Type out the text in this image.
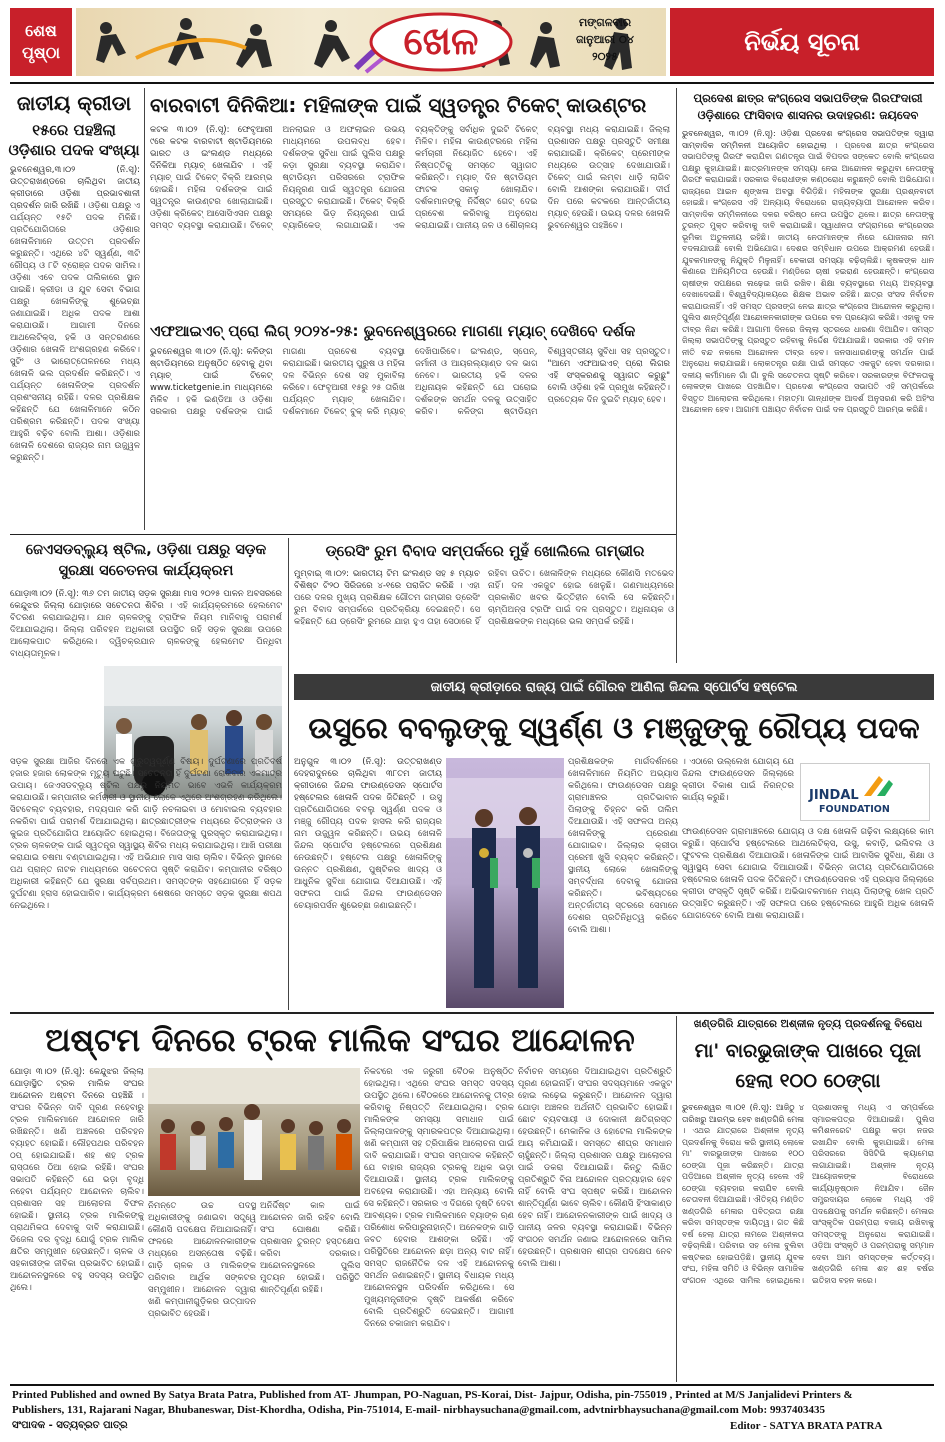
ଶେଷ
ପୃଷ୍ଠା	ଖେଳ	ମଙ୍ଗଳବାର
ଜାନୁଆରୀ ୦୪
୨୦୨୫
ନିର୍ଭୟ ସୂଚନା
ଜାତୀୟ କ୍ରୀଡା
୧୫ରେ ପହଞ୍ଚିଲା ଓଡ଼ିଶାର ପଦକ ସଂଖ୍ୟା
ଭୁବନେଶ୍ୱର,୩।୦୨ (ନି.ସୂ): ଉତ୍ତରାଖଣ୍ଡରେ ଚାଲିଥିବା ଜାତୀୟ କ୍ରୀଡାରେ ଓଡ଼ିଶା ପ୍ରଭାବଶାଳୀ ପ୍ରଦର୍ଶନ ଜାରି ରଖିଛି । ଓଡ଼ିଶା ପକ୍ଷରୁ ଏ ପର୍ଯ୍ୟନ୍ତ ୧୫ଟି ପଦକ ମିଳିଛି। ପ୍ରତିଯୋଗିତାରେ ଓଡ଼ିଶାର ଖେଳାଳିମାନେ ଉତ୍ତମ ପ୍ରଦର୍ଶନ କରୁଛନ୍ତି। ଏଥିରେ ୪ଟି ସ୍ୱର୍ଣ୍ଣ, ୩ଟି ରୌପ୍ୟ ଓ ୮ଟି ବ୍ରୋଞ୍ଜ ପଦକ ସାମିଲ। ଓଡ଼ିଶା ଏବେ ପଦକ ତାଲିକାରେ ସ୍ଥାନ ପାଇଛି। କ୍ରୀଡା ଓ ଯୁବ ସେବା ବିଭାଗ ପକ୍ଷରୁ ଖେଳାଳିଙ୍କୁ ଶୁଭେଚ୍ଛା ଜଣାଯାଇଛି। ଅଧିକ ପଦକ ଆଶା କରାଯାଉଛି। ଆଗାମୀ ଦିନରେ ଆଥଲେଟିକ୍ସ, ହକି ଓ ସନ୍ତରଣରେ ଓଡ଼ିଶାର ଖେଳାଳି ଅଂଶଗ୍ରହଣ କରିବେ। ସୁଟିଂ ଓ ଭାରୋତ୍ତୋଳନରେ ମଧ୍ୟ ଖେଳାଳି ଭଲ ପ୍ରଦର୍ଶନ କରିଛନ୍ତି। ଏ ପର୍ଯ୍ୟନ୍ତ ଖେଳାଳିଙ୍କ ପ୍ରଦର୍ଶନ ପ୍ରଶଂସନୀୟ ରହିଛି। ଦଳର ପ୍ରଶିକ୍ଷକ କହିଛନ୍ତି ଯେ ଖେଳାଳିମାନେ କଠିନ ପରିଶ୍ରମ କରିଛନ୍ତି। ପଦକ ସଂଖ୍ୟା ଆହୁରି ବଢ଼ିବ ବୋଲି ଆଶା। ଓଡ଼ିଶାର ଖେଳାଳି ଦେଶରେ ରାଜ୍ୟର ନାମ ଉଜ୍ଜ୍ୱଳ କରୁଛନ୍ତି।
ବାରବାଟୀ ଦିନିକିଆ: ମହିଳାଙ୍କ ପାଇଁ ସ୍ୱତନ୍ତ୍ର ଟିକେଟ୍ କାଉଣ୍ଟର
କଟକ ୩।୦୨ (ନି.ସୂ): ଫେବୃଆରୀ ୯ରେ କଟକ ବାରବାଟୀ ଷ୍ଟାଡିୟମରେ ଭାରତ ଓ ଇଂଲଣ୍ଡ ମଧ୍ୟରେ ଦିନିକିଆ ମ୍ୟାଚ୍ ଖେଳାଯିବ । ଏହି ମ୍ୟାଚ୍ ପାଇଁ ଟିକେଟ୍ ବିକ୍ରି ଆରମ୍ଭ ହୋଇଛି। ମହିଳା ଦର୍ଶକଙ୍କ ପାଇଁ ସ୍ୱତନ୍ତ୍ର କାଉଣ୍ଟର ଖୋଲାଯାଇଛି। ଓଡ଼ିଶା କ୍ରିକେଟ୍ ଆସୋସିଏସନ ପକ୍ଷରୁ ସମସ୍ତ ବ୍ୟବସ୍ଥା କରାଯାଉଛି। ଟିକେଟ୍ ଅନଲାଇନ ଓ ଅଫଲାଇନ ଉଭୟ ମାଧ୍ୟମରେ ଉପଲବ୍ଧ ହେବ। ଦର୍ଶକଙ୍କ ସୁବିଧା ପାଇଁ ପୁଲିସ ପକ୍ଷରୁ କଡ଼ା ସୁରକ୍ଷା ବ୍ୟବସ୍ଥା କରାଯିବ। ଷ୍ଟାଡିୟମ ପରିସରରେ ଟ୍ରାଫିକ ନିୟନ୍ତ୍ରଣ ପାଇଁ ସ୍ୱତନ୍ତ୍ର ଯୋଜନା ପ୍ରସ୍ତୁତ କରାଯାଇଛି। ଟିକେଟ୍ ବିକ୍ରି ସମୟରେ ଭିଡ଼ ନିୟନ୍ତ୍ରଣ ପାଇଁ ବ୍ୟାରିକେଡ୍ ଲଗାଯାଇଛି। ଏକ ବ୍ୟକ୍ତିଙ୍କୁ ସର୍ବାଧିକ ଦୁଇଟି ଟିକେଟ୍ ମିଳିବ। ମହିଳା କାଉଣ୍ଟରରେ ମହିଳା କର୍ମଚାରୀ ନିୟୋଜିତ ହେବେ। ଏହି ନିଷ୍ପତ୍ତିକୁ ସମସ୍ତେ ସ୍ୱାଗତ କରିଛନ୍ତି। ମ୍ୟାଚ୍ ଦିନ ଷ୍ଟାଡିୟମ ଫାଟକ ସକାଳୁ ଖୋଲାଯିବ। ଦର୍ଶକମାନଙ୍କୁ ନିର୍ଦ୍ଦିଷ୍ଟ ଗେଟ୍ ଦେଇ ପ୍ରବେଶ କରିବାକୁ ଅନୁରୋଧ କରାଯାଇଛି। ପାନୀୟ ଜଳ ଓ ଶୌଚାଳୟ ବ୍ୟବସ୍ଥା ମଧ୍ୟ କରାଯାଇଛି। ଜିଲ୍ଲା ପ୍ରଶାସନ ପକ୍ଷରୁ ପ୍ରସ୍ତୁତି ସମୀକ୍ଷା କରାଯାଇଛି। କ୍ରିକେଟ୍ ପ୍ରେମୀଙ୍କ ମଧ୍ୟରେ ଉତ୍ସାହ ଦେଖାଯାଉଛି। ଟିକେଟ୍ ପାଇଁ ଲମ୍ବା ଧାଡ଼ି ଲାଗିବ ବୋଲି ଆଶଙ୍କା କରାଯାଉଛି। ଦୀର୍ଘ ଦିନ ପରେ କଟକରେ ଆନ୍ତର୍ଜାତୀୟ ମ୍ୟାଚ୍ ହେଉଛି। ଉଭୟ ଦଳର ଖେଳାଳି ଭୁବନେଶ୍ୱର ପହଞ୍ଚିବେ।
ଏଫଆଇଏଚ୍ ପ୍ରୋ ଲିଗ୍ ୨୦୨୪-୨୫: ଭୁବନେଶ୍ୱରରେ ମାଗଣା ମ୍ୟାଚ୍ ଦେଖିବେ ଦର୍ଶକ
ଭୁବନେଶ୍ୱର ୩।୦୨ (ନି.ସୂ): କଳିଙ୍ଗ ଷ୍ଟାଡିୟମରେ ଅନୁଷ୍ଠିତ ହେବାକୁ ଥିବା ମ୍ୟାଚ୍ ପାଇଁ ଟିକେଟ୍ www.ticketgenie.in ମାଧ୍ୟମରେ ମିଳିବ । ହକି ଇଣ୍ଡିଆ ଓ ଓଡ଼ିଶା ସରକାର ପକ୍ଷରୁ ଦର୍ଶକଙ୍କ ପାଇଁ ମାଗଣା ପ୍ରବେଶ ବ୍ୟବସ୍ଥା କରାଯାଇଛି। ଭାରତୀୟ ପୁରୁଷ ଓ ମହିଳା ଦଳ ବିଭିନ୍ନ ଦେଶ ସହ ମୁକାବିଲା କରିବେ। ଫେବୃଆରୀ ୧୫ରୁ ୨୫ ତାରିଖ ପର୍ଯ୍ୟନ୍ତ ମ୍ୟାଚ୍ ଖେଳାଯିବ। ଦର୍ଶକମାନେ ଟିକେଟ୍ ବୁକ୍ କରି ମ୍ୟାଚ୍ ଦେଖିପାରିବେ। ଇଂଲଣ୍ଡ, ସ୍ପେନ୍, ଜର୍ମାନୀ ଓ ଆୟରଲ୍ୟାଣ୍ଡ ଦଳ ଭାଗ ନେବେ। ଭାରତୀୟ ହକି ଦଳର ଅଧିନାୟକ କହିଛନ୍ତି ଯେ ଘରୋଇ ଦର୍ଶକଙ୍କ ସମର୍ଥନ ଦଳକୁ ଉତ୍ସାହିତ କରିବ। କଳିଙ୍ଗ ଷ୍ଟାଡିୟମ ବିଶ୍ୱସ୍ତରୀୟ ସୁବିଧା ସହ ପ୍ରସ୍ତୁତ। "ଆମେ ଏଫଆଇଏଚ୍ ପ୍ରୋ ଲିଗର ଏହି ସଂସ୍କରଣକୁ ସ୍ୱାଗତ କରୁଛୁ" ବୋଲି ଓଡ଼ିଶା ହକି ପ୍ରମୁଖ କହିଛନ୍ତି। ପ୍ରତ୍ୟେକ ଦିନ ଦୁଇଟି ମ୍ୟାଚ୍ ହେବ।
ପ୍ରଦେଶ ଛାତ୍ର କଂଗ୍ରେସ ସଭାପତିଙ୍କ ଗିରଫଦାରୀ ଓଡ଼ିଶାରେ ଫାସିବାଦ ଶାସନର ଉଦାହରଣ: ଜୟଦେବ
ଭୁବନେଶ୍ୱର, ୩।୦୨ (ନି.ସୂ): ଓଡ଼ିଶା ପ୍ରଦେଶ କଂଗ୍ରେସ ସଭାପତିଙ୍କ ଦ୍ୱାରା ସାମ୍ବାଦିକ ସମ୍ମିଳନୀ ଆୟୋଜିତ ହୋଇଥିଲା । ପ୍ରଦେଶ ଛାତ୍ର କଂଗ୍ରେସ ସଭାପତିଙ୍କୁ ଗିରଫ କରାଯିବା ଗଣତନ୍ତ୍ର ପାଇଁ ବିପଦର ସଙ୍କେତ ବୋଲି କଂଗ୍ରେସ ପକ୍ଷରୁ କୁହାଯାଇଛି। ଛାତ୍ରମାନଙ୍କ ସମସ୍ୟା ନେଇ ଆନ୍ଦୋଳନ କରୁଥିବା ନେତାଙ୍କୁ ଗିରଫ କରାଯାଇଛି। ସରକାର ବିରୋଧୀଙ୍କ କଣ୍ଠରୋଧ କରୁଛନ୍ତି ବୋଲି ଅଭିଯୋଗ। ରାଜ୍ୟରେ ଆଇନ ଶୃଙ୍ଖଳା ଅବସ୍ଥା ବିଗିଡ଼ିଛି। ମହିଳାଙ୍କ ସୁରକ୍ଷା ପ୍ରଶ୍ନବାଚୀ ହୋଇଛି। କଂଗ୍ରେସ ଏହି ଅନ୍ୟାୟ ବିରୋଧରେ ରାଜ୍ୟବ୍ୟାପୀ ଆନ୍ଦୋଳନ କରିବ। ସାମ୍ବାଦିକ ସମ୍ମିଳନୀରେ ଦଳର ବରିଷ୍ଠ ନେତା ଉପସ୍ଥିତ ଥିଲେ। ଛାତ୍ର ନେତାଙ୍କୁ ତୁରନ୍ତ ମୁକ୍ତ କରିବାକୁ ଦାବି କରାଯାଇଛି। ସ୍ୱାଧୀନତା ସଂଗ୍ରାମରେ କଂଗ୍ରେସର ଭୂମିକା ଅତୁଳନୀୟ ରହିଛି। ଜାତୀୟ ନେତାମାନଙ୍କ ନାଁରେ ଯୋଜନାର ନାମ ବଦଳାଯାଉଛି ବୋଲି ଅଭିଯୋଗ। ଦେଶର ସମ୍ବିଧାନ ଉପରେ ଆକ୍ରମଣ ହେଉଛି। ଯୁବକମାନଙ୍କୁ ନିଯୁକ୍ତି ମିଳୁନାହିଁ। ବେକାରୀ ସମସ୍ୟା ବଢ଼ିଚାଲିଛି। କୃଷକଙ୍କ ଧାନ କିଣାରେ ଅନିୟମିତତା ହେଉଛି। ମଣ୍ଡିରେ ଚାଷୀ ହଇରାଣ ହେଉଛନ୍ତି। କଂଗ୍ରେସ ଚାଷୀଙ୍କ ସପକ୍ଷରେ ଲଢ଼େଇ ଜାରି ରଖିବ। ଶିକ୍ଷା ବ୍ୟବସ୍ଥାରେ ମଧ୍ୟ ଅବ୍ୟବସ୍ଥା ଦେଖାଦେଇଛି। ବିଶ୍ୱବିଦ୍ୟାଳୟରେ ଶିକ୍ଷକ ଅଭାବ ରହିଛି। ଛାତ୍ର ସଂସଦ ନିର୍ବାଚନ କରାଯାଉନାହିଁ। ଏହି ସମସ୍ତ ପ୍ରସଙ୍ଗ ନେଇ ଛାତ୍ର କଂଗ୍ରେସ ଆନ୍ଦୋଳନ କରୁଥିଲା। ପୁଲିସ ଶାନ୍ତିପୂର୍ଣ୍ଣ ଆନ୍ଦୋଳନକାରୀଙ୍କ ଉପରେ ବଳ ପ୍ରୟୋଗ କରିଛି। ଏହାକୁ ଦଳ ତୀବ୍ର ନିନ୍ଦା କରିଛି। ଆଗାମୀ ଦିନରେ ଜିଲ୍ଲା ସ୍ତରରେ ଧାରଣା ଦିଆଯିବ। ସମସ୍ତ ଜିଲ୍ଲା ସଭାପତିଙ୍କୁ ପ୍ରସ୍ତୁତ ରହିବାକୁ ନିର୍ଦ୍ଦେଶ ଦିଆଯାଇଛି। ସରକାର ଏହି ଦମନ ନୀତି ବନ୍ଦ ନକଲେ ଆନ୍ଦୋଳନ ତୀବ୍ର ହେବ। ଜନସାଧାରଣଙ୍କୁ ସମର୍ଥନ ପାଇଁ ଅନୁରୋଧ କରାଯାଇଛି। ଲୋକତନ୍ତ୍ର ରକ୍ଷା ପାଇଁ ସମସ୍ତେ ଏକଜୁଟ ହେବା ଦରକାର। ଦଳୀୟ କର୍ମୀମାନେ ଗାଁ ଗାଁ ବୁଲି ସଚେତନତା ସୃଷ୍ଟି କରିବେ। ସରକାରଙ୍କ ବିଫଳତାକୁ ଲୋକଙ୍କ ପାଖରେ ପହଞ୍ଚାଯିବ। ପ୍ରଦେଶ କଂଗ୍ରେସ ସଭାପତି ଏହି ସମ୍ପର୍କରେ ବିସ୍ତୃତ ଆଲୋଚନା କରିଥିଲେ। ମହାତ୍ମା ଗାନ୍ଧୀଙ୍କ ଆଦର୍ଶ ଅନୁସରଣ କରି ଅହିଂସ ଆନ୍ଦୋଳନ ହେବ। ଆଗାମୀ ପଞ୍ଚାୟତ ନିର୍ବାଚନ ପାଇଁ ଦଳ ପ୍ରସ୍ତୁତି ଆରମ୍ଭ କରିଛି।
ଜେଏସଡବ୍ଲ୍ୟୁ ଷ୍ଟିଲ, ଓଡ଼ିଶା ପକ୍ଷରୁ ସଡ଼କ ସୁରକ୍ଷା ସଚେତନତା କାର୍ଯ୍ୟକ୍ରମ
ଯୋଡ଼ା୩।୦୨ (ନି.ସୂ): ୩୬ ତମ ଜାତୀୟ ସଡ଼କ ସୁରକ୍ଷା ମାସ ୨୦୨୫ ପାଳନ ଅବସରରେ କେନ୍ଦୁଝର ଜିଲ୍ଲା ଯୋଡ଼ାରେ ସଚେତନତା ଶିବିର । ଏହି କାର୍ଯ୍ୟକ୍ରମରେ ହେଲମେଟ ବିତରଣ କରାଯାଇଥିଲା। ଯାନ ଚାଳକଙ୍କୁ ଟ୍ରାଫିକ ନିୟମ ମାନିବାକୁ ପରାମର୍ଶ ଦିଆଯାଇଥିଲା। ଜିଲ୍ଲା ପରିବହନ ଅଧିକାରୀ ଉପସ୍ଥିତ ରହି ସଡ଼କ ସୁରକ୍ଷା ଉପରେ ଆଲୋକପାତ କରିଥିଲେ। ଦ୍ୱିଚକ୍ରଯାନ ଚାଳକଙ୍କୁ ହେଲମେଟ ପିନ୍ଧିବା ବାଧ୍ୟତାମୂଳକ।

ସଡ଼କ ସୁରକ୍ଷା ଆଜିର ଦିନରେ ଏକ ଗୁରୁତ୍ୱପୂର୍ଣ୍ଣ ବିଷୟ। ଦୁର୍ଘଟଣାରେ ପ୍ରତିବର୍ଷ ହଜାର ହଜାର ଲୋକଙ୍କ ମୃତ୍ୟୁ ଘଟୁଛି। ସଚେତନତା ହିଁ ଦୁର୍ଘଟଣା ରୋକିବାର ଏକମାତ୍ର ଉପାୟ। ଜେଏସଡବ୍ଲ୍ୟୁ ଷ୍ଟିଲ ପକ୍ଷରୁ ନିୟମିତ ଭାବେ ଏଭଳି କାର୍ଯ୍ୟକ୍ରମ କରାଯାଉଛି। କମ୍ପାନୀର କର୍ମଚାରୀ ଓ ସ୍ଥାନୀୟ ଲୋକେ ଏଥିରେ ଅଂଶଗ୍ରହଣ କରିଥିଲେ। ସିଟବେଲ୍ଟ ବ୍ୟବହାର, ମଦ୍ୟପାନ କରି ଗାଡ଼ି ନଚଳାଇବା ଓ ମୋବାଇଲ ବ୍ୟବହାର ନକରିବା ପାଇଁ ପରାମର୍ଶ ଦିଆଯାଇଥିଲା। ଛାତ୍ରଛାତ୍ରୀଙ୍କ ମଧ୍ୟରେ ଚିତ୍ରାଙ୍କନ ଓ କୁଇଜ ପ୍ରତିଯୋଗିତା ଆୟୋଜିତ ହୋଇଥିଲା। ବିଜେତାଙ୍କୁ ପୁରସ୍କୃତ କରାଯାଇଥିଲା। ଟ୍ରକ ଚାଳକଙ୍କ ପାଇଁ ସ୍ୱତନ୍ତ୍ର ସ୍ୱାସ୍ଥ୍ୟ ଶିବିର ମଧ୍ୟ କରାଯାଇଥିଲା। ଆଖି ପରୀକ୍ଷା କରାଯାଇ ଚଷମା ବଣ୍ଟାଯାଇଥିଲା। ଏହି ଅଭିଯାନ ମାସ ସାରା ଚାଲିବ। ବିଭିନ୍ନ ସ୍ଥାନରେ ପଥ ପ୍ରାନ୍ତ ନାଟକ ମାଧ୍ୟମରେ ସଚେତନତା ସୃଷ୍ଟି କରାଯିବ। କମ୍ପାନୀର ବରିଷ୍ଠ ଅଧିକାରୀ କହିଛନ୍ତି ଯେ ସୁରକ୍ଷା ସର୍ବପ୍ରଥମ। ସମସ୍ତଙ୍କ ସହଯୋଗରେ ହିଁ ସଡ଼କ ଦୁର୍ଘଟଣା ହ୍ରାସ ହୋଇପାରିବ। କାର୍ଯ୍ୟକ୍ରମ ଶେଷରେ ସମସ୍ତେ ସଡ଼କ ସୁରକ୍ଷା ଶପଥ ନେଇଥିଲେ।
ଡ୍ରେସିଂ ରୁମ ବିବାଦ ସମ୍ପର୍କରେ ମୁହଁ ଖୋଲିଲେ ଗମ୍ଭୀର
ମୁମ୍ବାଇ୍ ୩।୦୨: ଭାରତୀୟ ଟିମ ଇଂଲଣ୍ଡ ସହ ୫ ମ୍ୟାଚ ବିଶିଷ୍ଟ ଟି୨୦ ସିରିଜରେ ୪-୧ରେ ପରାଜିତ କରିଛି । ଏହା ପରେ ଦଳର ମୁଖ୍ୟ ପ୍ରଶିକ୍ଷକ ଗୌତମ ଗମ୍ଭୀର ଡ୍ରେସିଂ ରୁମ ବିବାଦ ସମ୍ପର୍କରେ ପ୍ରତିକ୍ରିୟା ଦେଇଛନ୍ତି। ସେ କହିଛନ୍ତି ଯେ ଡ୍ରେସିଂ ରୁମରେ ଯାହା ହୁଏ ତାହା ସେଠାରେ ହିଁ ରହିବା ଉଚିତ। ଖେଳାଳିଙ୍କ ମଧ୍ୟରେ କୌଣସି ମତଭେଦ ନାହିଁ। ଦଳ ଏକଜୁଟ ହୋଇ ଖେଳୁଛି। ଗଣମାଧ୍ୟମରେ ପ୍ରକାଶିତ ଖବର ଭିତ୍ତିହୀନ ବୋଲି ସେ କହିଛନ୍ତି। ଚାମ୍ପିଅନ୍ସ ଟ୍ରଫି ପାଇଁ ଦଳ ପ୍ରସ୍ତୁତ। ଅଧିନାୟକ ଓ ପ୍ରଶିକ୍ଷକଙ୍କ ମଧ୍ୟରେ ଭଲ ସମ୍ପର୍କ ରହିଛି।
ଜାତୀୟ କ୍ରୀଡ଼ାରେ ରାଜ୍ୟ ପାଇଁ ଗୌରବ ଆଣିଲା ଜିନ୍ଦଲ ସ୍ପୋର୍ଟସ ହଷ୍ଟେଲ
ଉସୁରେ ବବଲୁଙ୍କୁ ସ୍ୱର୍ଣ୍ଣ ଓ ମଞ୍ଜୁଙ୍କୁ ରୌପ୍ୟ ପଦକ
ଅନୁଗୁଳ ୩।୦୨ (ନି.ସୂ): ଉତ୍ତରାଖଣ୍ଡ ଦେହରାଦୁନରେ ଚାଲିଥିବା ୩୮ତମ ଜାତୀୟ କ୍ରୀଡାରେ ଜିନ୍ଦଲ ଫାଉଣ୍ଡେସନ ସ୍ପୋର୍ଟସ ହଷ୍ଟେଲର ଖେଳାଳି ପଦକ ଜିତିଛନ୍ତି । ଉସୁ ପ୍ରତିଯୋଗିତାରେ ବବଲୁ ସ୍ୱର୍ଣ୍ଣ ପଦକ ଓ ମଞ୍ଜୁ ରୌପ୍ୟ ପଦକ ହାସଲ କରି ରାଜ୍ୟର ନାମ ଉଜ୍ଜ୍ୱଳ କରିଛନ୍ତି। ଉଭୟ ଖେଳାଳି ଜିନ୍ଦଲ ସ୍ପୋର୍ଟସ ହଷ୍ଟେଲରେ ପ୍ରଶିକ୍ଷଣ ନେଉଛନ୍ତି। ହଷ୍ଟେଲ ପକ୍ଷରୁ ଖେଳାଳିଙ୍କୁ ଉନ୍ନତ ପ୍ରଶିକ୍ଷଣ, ପୁଷ୍ଟିକର ଖାଦ୍ୟ ଓ ଆଧୁନିକ ସୁବିଧା ଯୋଗାଇ ଦିଆଯାଉଛି। ଏହି ସଫଳତା ପାଇଁ ଜିନ୍ଦଲ ଫାଉଣ୍ଡେସନ ଚେୟାରପର୍ସନ ଶୁଭେଚ୍ଛା ଜଣାଇଛନ୍ତି।
ପ୍ରଶିକ୍ଷକଙ୍କ ମାର୍ଗଦର୍ଶନରେ ଖେଳାଳିମାନେ ନିୟମିତ ଅଭ୍ୟାସ କରିଥିଲେ। ଫାଉଣ୍ଡେସନ ପକ୍ଷରୁ ଗ୍ରାମାଞ୍ଚଳର ପ୍ରତିଭାବାନ ପିଲାଙ୍କୁ ଚିହ୍ନଟ କରି ତାଲିମ ଦିଆଯାଉଛି। ଏହି ସଫଳତା ଅନ୍ୟ ଖେଳାଳିଙ୍କୁ ପ୍ରେରଣା ଯୋଗାଇବ। ଜିଲ୍ଲାର କ୍ରୀଡା ପ୍ରେମୀ ଖୁସି ବ୍ୟକ୍ତ କରିଛନ୍ତି। ସ୍ଥାନୀୟ ଲୋକେ ଖେଳାଳିଙ୍କୁ ସମ୍ବର୍ଦ୍ଧନା ଦେବାକୁ ଯୋଜନା କରିଛନ୍ତି। ଭବିଷ୍ୟତରେ ଅନ୍ତର୍ଜାତୀୟ ସ୍ତରରେ ସେମାନେ ଦେଶର ପ୍ରତିନିଧିତ୍ୱ କରିବେ ବୋଲି ଆଶା।
JINDAL
FOUNDATION
। ଏଠାରେ ଉଲ୍ଲେଖ ଯୋଗ୍ୟ ଯେ ଜିନ୍ଦଲ ଫାଉଣ୍ଡେସନ ଜିଲ୍ଲାରେ କ୍ରୀଡା ବିକାଶ ପାଇଁ ନିରନ୍ତର କାର୍ଯ୍ୟ କରୁଛି।
ଫାଉଣ୍ଡେସନ ଗ୍ରାମାଞ୍ଚଳରେ ଯୋଗ୍ୟ ଓ ଦକ୍ଷ ଖେଳାଳି ଗଢ଼ିବା ଲକ୍ଷ୍ୟରେ କାମ କରୁଛି। ସ୍ପୋର୍ଟସ ହଷ୍ଟେଲରେ ଆଥଲେଟିକ୍ସ, ଉସୁ, କବାଡ଼ି, ଭଲିବଲ ଓ ଫୁଟବଲ ପ୍ରଶିକ୍ଷଣ ଦିଆଯାଉଛି। ଖେଳାଳିଙ୍କ ପାଇଁ ଆବାସିକ ସୁବିଧା, ଶିକ୍ଷା ଓ ସ୍ୱାସ୍ଥ୍ୟ ସେବା ଯୋଗାଇ ଦିଆଯାଉଛି। ବିଭିନ୍ନ ଜାତୀୟ ପ୍ରତିଯୋଗିତାରେ ହଷ୍ଟେଲର ଖେଳାଳି ପଦକ ଜିତିଛନ୍ତି। ଫାଉଣ୍ଡେସନର ଏହି ପ୍ରୟାସ ଜିଲ୍ଲାରେ କ୍ରୀଡା ସଂସ୍କୃତି ସୃଷ୍ଟି କରିଛି। ଅଭିଭାବକମାନେ ମଧ୍ୟ ପିଲାଙ୍କୁ ଖେଳ ପ୍ରତି ଉତ୍ସାହିତ କରୁଛନ୍ତି। ଏହି ସଫଳତା ପରେ ହଷ୍ଟେଲରେ ଆହୁରି ଅଧିକ ଖେଳାଳି ଯୋଗଦେବେ ବୋଲି ଆଶା କରାଯାଉଛି।
ଅଷ୍ଟମ ଦିନରେ ଟ୍ରକ ମାଲିକ ସଂଘର ଆନ୍ଦୋଳନ
ଯୋଡ଼ା ୩।୦୨ (ନି.ସୂ): କେନ୍ଦୁଝର ଜିଲ୍ଲା ଯୋଡ଼ାସ୍ଥିତ ଟ୍ରକ ମାଲିକ ସଂଘର ଆନ୍ଦୋଳନ ଅଷ୍ଟମ ଦିନରେ ପହଞ୍ଚିଛି । ସଂଘର ବିଭିନ୍ନ ଦାବି ପୂରଣ ନହେବାରୁ ଟ୍ରକ ମାଲିକମାନେ ଆନ୍ଦୋଳନ ଜାରି ରଖିଛନ୍ତି। ଖଣି ଅଞ୍ଚଳରେ ପରିବହନ ବ୍ୟାହତ ହୋଇଛି। ଲୌହପଥର ପରିବହନ ଠପ୍ ହୋଇଯାଇଛି। ଶହ ଶହ ଟ୍ରକ ରାସ୍ତାରେ ଠିଆ ହୋଇ ରହିଛି। ସଂଘର ସଭାପତି କହିଛନ୍ତି ଯେ ଭଡ଼ା ବୃଦ୍ଧି ନହେବା ପର୍ଯ୍ୟନ୍ତ ଆନ୍ଦୋଳନ ଚାଲିବ। ପ୍ରଶାସନ ସହ ଆଲୋଚନା ବିଫଳ ହୋଇଛି। ସ୍ଥାନୀୟ ଟ୍ରକ ମାଲିକଙ୍କୁ ପ୍ରାଥମିକତା ଦେବାକୁ ଦାବି କରାଯାଇଛି। ଡିଜେଲ ଦର ବୃଦ୍ଧି ଯୋଗୁଁ ଟ୍ରକ ମାଲିକ କ୍ଷତିର ସମ୍ମୁଖୀନ ହେଉଛନ୍ତି। ଚାଳକ ଓ ସହକାରୀଙ୍କ ଜୀବିକା ପ୍ରଭାବିତ ହୋଇଛି। ଆନ୍ଦୋଳନସ୍ଥଳରେ ବହୁ ସଦସ୍ୟ ଉପସ୍ଥିତ ଥିଲେ।
ନିମନ୍ତେ ଉଚ୍ଚ ପଦସ୍ଥ ଅଧିକାରୀଙ୍କୁ ଜଣାଇବା ସତ୍ତ୍ୱେ କୌଣସି ପଦକ୍ଷେପ ନିଆଯାଇନାହିଁ। ଫଳରେ ଆନ୍ଦୋଳନକାରୀଙ୍କ ମଧ୍ୟରେ ଅସନ୍ତୋଷ ବଢ଼ିଛି। ଗାଡ଼ି ଚାଳକ ଓ ମାଲିକଙ୍କ ପରିବାର ଆର୍ଥିକ ସଙ୍କଟର ସମ୍ମୁଖୀନ। ଆନ୍ଦୋଳନ ଦ୍ୱାରା ଖଣି କମ୍ପାନୀଗୁଡ଼ିକର ଉତ୍ପାଦନ ପ୍ରଭାବିତ ହେଉଛି।
ଅନିର୍ଦ୍ଦିଷ୍ଟ କାଳ ପାଇଁ ଆନ୍ଦୋଳନ ଜାରି ରହିବ ବୋଲି ସଂଘ ଘୋଷଣା କରିଛି। ପ୍ରଶାସନ ତୁରନ୍ତ ହସ୍ତକ୍ଷେପ କରିବା ଦରକାର। ଆନ୍ଦୋଳନସ୍ଥଳରେ ପୁଲିସ ମୁତୟନ ହୋଇଛି। ପରିସ୍ଥିତି ଶାନ୍ତିପୂର୍ଣ୍ଣ ରହିଛି।
ନିକଟରେ ଏକ ଜରୁରୀ ବୈଠକ ଅନୁଷ୍ଠିତ ହୋଇଥିଲା। ଏଥିରେ ସଂଘର ସମସ୍ତ ସଦସ୍ୟ ଉପସ୍ଥିତ ଥିଲେ। ବୈଠକରେ ଆନ୍ଦୋଳନକୁ ତୀବ୍ର କରିବାକୁ ନିଷ୍ପତ୍ତି ନିଆଯାଇଥିଲା। ଟ୍ରକ ମାଲିକଙ୍କ ସମସ୍ୟା ସମାଧାନ ପାଇଁ ଜିଲ୍ଲାପାଳଙ୍କୁ ସ୍ମାରକପତ୍ର ଦିଆଯାଇଥିଲା। ଖଣି କମ୍ପାନୀ ସହ ତ୍ରିପାକ୍ଷିକ ଆଲୋଚନା ପାଇଁ ଦାବି କରାଯାଇଛି। ସଂଘର ସମ୍ପାଦକ କହିଛନ୍ତି ଯେ ବାହାର ରାଜ୍ୟର ଟ୍ରକକୁ ଅଧିକ ଭଡ଼ା ଦିଆଯାଉଛି। ସ୍ଥାନୀୟ ଟ୍ରକ ମାଲିକଙ୍କୁ ଅବହେଳା କରାଯାଉଛି। ଏହା ଅନ୍ୟାୟ ବୋଲି ସେ କହିଛନ୍ତି। ସରକାର ଏ ଦିଗରେ ଦୃଷ୍ଟି ଦେବା ଆବଶ୍ୟକ। ଟ୍ରକ ମାଲିକମାନେ ବ୍ୟାଙ୍କ ଋଣ ପରିଶୋଧ କରିପାରୁନାହାନ୍ତି। ଅନେକଙ୍କ ଗାଡ଼ି ଜବତ ହେବାର ଆଶଙ୍କା ରହିଛି। ଏହି ପରିସ୍ଥିତିରେ ଆନ୍ଦୋଳନ ଛଡ଼ା ଅନ୍ୟ ବାଟ ନାହିଁ। ସମସ୍ତ ରାଜନୈତିକ ଦଳ ଏହି ଆନ୍ଦୋଳନକୁ ସମର୍ଥନ ଜଣାଇଛନ୍ତି। ସ୍ଥାନୀୟ ବିଧାୟକ ମଧ୍ୟ ଆନ୍ଦୋଳନସ୍ଥଳ ପରିଦର୍ଶନ କରିଥିଲେ। ସେ ମୁଖ୍ୟମନ୍ତ୍ରୀଙ୍କ ଦୃଷ୍ଟି ଆକର୍ଷଣ କରିବେ ବୋଲି ପ୍ରତିଶ୍ରୁତି ଦେଇଛନ୍ତି। ଆଗାମୀ ଦିନରେ ଚକାଜାମ କରାଯିବ।
ନିର୍ବାଚନ ସମୟରେ ଦିଆଯାଇଥିବା ପ୍ରତିଶ୍ରୁତି ପୂରଣ ହୋଇନାହିଁ। ସଂଘର ସଦସ୍ୟମାନେ ଏକଜୁଟ ହୋଇ ଲଢ଼େଇ କରୁଛନ୍ତି। ଆନ୍ଦୋଳନ ଦ୍ୱାରା ଯୋଡ଼ା ଅଞ୍ଚଳର ଅର୍ଥନୀତି ପ୍ରଭାବିତ ହୋଇଛି। ଛୋଟ ବ୍ୟବସାୟୀ ଓ ଦୋକାନୀ କ୍ଷତିଗ୍ରସ୍ତ ହେଉଛନ୍ତି। ମେକାନିକ ଓ ହୋଟେଲ ମାଲିକଙ୍କ ଆୟ କମିଯାଇଛି। ସମସ୍ତେ ଶୀଘ୍ର ସମାଧାନ ଚାହୁଁଛନ୍ତି। ଜିଲ୍ଲା ପ୍ରଶାସନ ପକ୍ଷରୁ ଆଲୋଚନା ପାଇଁ ଡକରା ଦିଆଯାଇଛି। କିନ୍ତୁ ଲିଖିତ ପ୍ରତିଶ୍ରୁତି ବିନା ଆନ୍ଦୋଳନ ପ୍ରତ୍ୟାହାର ହେବ ନାହିଁ ବୋଲି ସଂଘ ସ୍ପଷ୍ଟ କରିଛି। ଆନ୍ଦୋଳନ ଶାନ୍ତିପୂର୍ଣ୍ଣ ଭାବେ ଚାଲିବ। କୌଣସି ହିଂସାକାଣ୍ଡ ହେବ ନାହିଁ। ଆନ୍ଦୋଳନକାରୀଙ୍କ ପାଇଁ ଖାଦ୍ୟ ଓ ପାନୀୟ ଜଳର ବ୍ୟବସ୍ଥା କରାଯାଇଛି। ବିଭିନ୍ନ ସଂଗଠନ ସମର୍ଥନ ଜଣାଇ ଆନ୍ଦୋଳନରେ ସାମିଲ ହେଉଛନ୍ତି। ପ୍ରଶାସନ ଶୀଘ୍ର ପଦକ୍ଷେପ ନେବ ବୋଲି ଆଶା।
ଖଣ୍ଡଗିରି ଯାତ୍ରାରେ ଅଶ୍ଳୀଳ ନୃତ୍ୟ ପ୍ରଦର୍ଶନକୁ ବିରୋଧ
ମା' ବାରଭୁଜାଙ୍କ ପାଖରେ ପୂଜା ହେଲା ୧୦୦ ଠେଙ୍ଗା
ଭୁବନେଶ୍ୱର ୩।୦୧ (ନି.ସୂ): ଆଜିଠୁ ୪ ତାରିଖରୁ ଆରମ୍ଭ ହେବ ଖଣ୍ଡଗିରି ମେଳା । ଏଥର ଯାତ୍ରାରେ ଅଶ୍ଳୀଳ ନୃତ୍ୟ ପ୍ରଦର୍ଶନକୁ ବିରୋଧ କରି ସ୍ଥାନୀୟ ଲୋକେ ମା' ବାରଭୁଜାଙ୍କ ପାଖରେ ୧୦୦ ଠେଙ୍ଗା ପୂଜା କରିଛନ୍ତି। ଯାତ୍ରା ପଡ଼ିଆରେ ଅଶ୍ଳୀଳ ନୃତ୍ୟ ହେଲେ ଏହି ଠେଙ୍ଗା ବ୍ୟବହାର କରାଯିବ ବୋଲି ଚେତାବନୀ ଦିଆଯାଇଛି। ଐତିହ୍ୟ ମଣ୍ଡିତ ଖଣ୍ଡଗିରି ମେଳାର ପବିତ୍ରତା ରକ୍ଷା କରିବା ସମସ୍ତଙ୍କ ଦାୟିତ୍ୱ। ଗତ କିଛି ବର୍ଷ ହେଲା ଯାତ୍ରା ନାମରେ ଅଶ୍ଳୀଳତା ବଢ଼ିଚାଲିଛି। ପରିବାର ସହ ମେଳା ବୁଲିବା କଷ୍ଟକର ହୋଇପଡ଼ିଛି। ସ୍ଥାନୀୟ ଯୁବକ ସଂଘ, ମହିଳା ସମିତି ଓ ବିଭିନ୍ନ ସାମାଜିକ ସଂଗଠନ ଏଥିରେ ସାମିଲ ହୋଇଥିଲେ। ପ୍ରଶାସନକୁ ମଧ୍ୟ ଏ ସମ୍ପର୍କରେ ସ୍ମାରକପତ୍ର ଦିଆଯାଇଛି। ପୁଲିସ କମିଶନରେଟ ପକ୍ଷରୁ କଡ଼ା ନଜର ରଖାଯିବ ବୋଲି କୁହାଯାଇଛି। ମେଳା ପରିସରରେ ସିସିଟିଭି କ୍ୟାମେରା ଲଗାଯାଇଛି। ଅଶ୍ଳୀଳ ନୃତ୍ୟ ଆୟୋଜକଙ୍କ ବିରୋଧରେ କାର୍ଯ୍ୟାନୁଷ୍ଠାନ ନିଆଯିବ। ଜୈନ ସମ୍ପ୍ରଦାୟର ଲୋକେ ମଧ୍ୟ ଏହି ପଦକ୍ଷେପକୁ ସମର୍ଥନ କରିଛନ୍ତି। ମେଳାର ସାଂସ୍କୃତିକ ପରମ୍ପରା ବଜାୟ ରଖିବାକୁ ସମସ୍ତଙ୍କୁ ଅନୁରୋଧ କରାଯାଇଛି। ଓଡ଼ିଆ ସଂସ୍କୃତି ଓ ପରମ୍ପରାକୁ ସମ୍ମାନ ଦେବା ଆମ ସମସ୍ତଙ୍କ କର୍ତ୍ତବ୍ୟ। ଖଣ୍ଡଗିରି ମେଳା ଶହ ଶହ ବର୍ଷର ଇତିହାସ ବହନ କରେ।
Printed Published and owned By Satya Brata Patra, Published from AT- Jhumpan, PO-Naguan, PS-Korai, Dist- Jajpur, Odisha, pin-755019 , Printed at M/S Janjalidevi Printers &
Publishers, 131, Rajarani Nagar, Bhubaneswar, Dist-Khordha, Odisha, Pin-751014, E-mail- nirbhaysuchana@gmail.com, advtnirbhaysuchana@gmail.com Mob: 9937403435
ସଂପାଦକ - ସତ୍ୟବ୍ରତ ପାତ୍ର	Editor - SATYA BRATA PATRA
